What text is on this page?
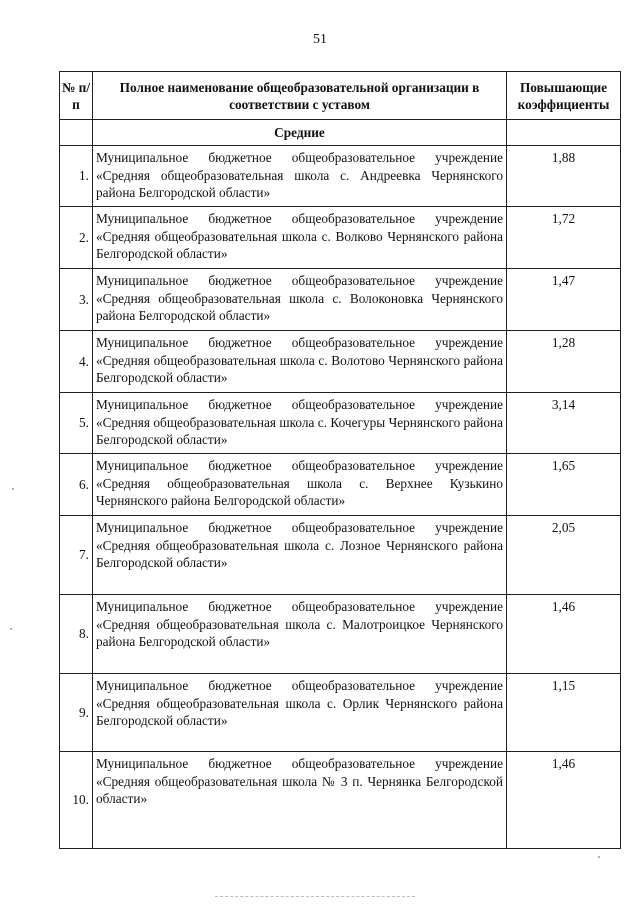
51
№ п/п	Полное наименование общеобразовательной организации в соответствии с уставом	Повышающие коэффициенты
	Средние	
1.	Муниципальное бюджетное общеобразовательное учреждение «Средняя общеобразовательная школа с. Андреевка Чернянского района Белгородской области»	1,88
2.	Муниципальное бюджетное общеобразовательное учреждение «Средняя общеобразовательная школа с. Волково Чернянского района Белгородской области»	1,72
3.	Муниципальное бюджетное общеобразовательное учреждение «Средняя общеобразовательная школа с. Волоконовка Чернянского района Белгородской области»	1,47
4.	Муниципальное бюджетное общеобразовательное учреждение «Средняя общеобразовательная школа с. Волотово Чернянского района Белгородской области»	1,28
5.	Муниципальное бюджетное общеобразовательное учреждение «Средняя общеобразовательная школа с. Кочегуры Чернянского района Белгородской области»	3,14
6.	Муниципальное бюджетное общеобразовательное учреждение «Средняя общеобразовательная школа с. Верхнее Кузькино Чернянского района Белгородской области»	1,65
7.	Муниципальное бюджетное общеобразовательное учреждение «Средняя общеобразовательная школа с. Лозное Чернянского района Белгородской области»	2,05
8.	Муниципальное бюджетное общеобразовательное учреждение «Средняя общеобразовательная школа с. Малотроицкое Чернянского района Белгородской области»	1,46
9.	Муниципальное бюджетное общеобразовательное учреждение «Средняя общеобразовательная школа с. Орлик Чернянского района Белгородской области»	1,15
10.	Муниципальное бюджетное общеобразовательное учреждение «Средняя общеобразовательная школа № 3 п. Чернянка Белгородской области»	1,46
